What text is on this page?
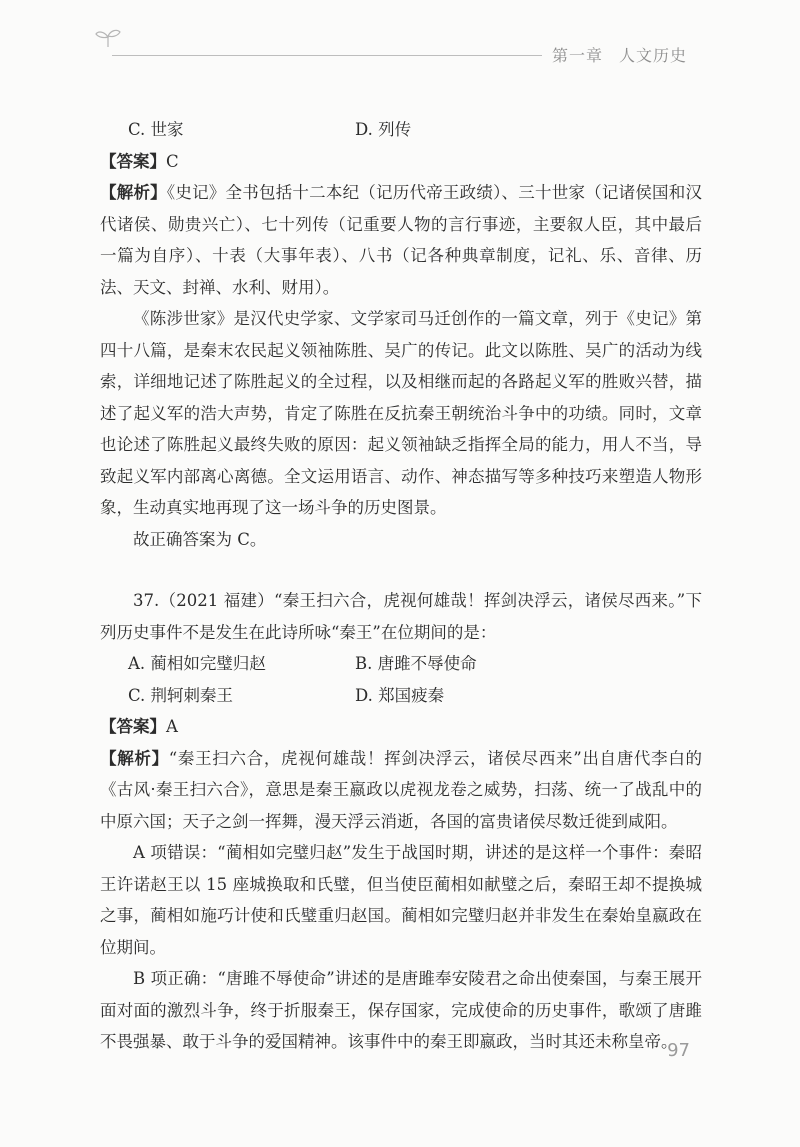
第一章 人文历史
C. 世家	D. 列传

【答案】C

【解析】《史记》全书包括十二本纪（记历代帝王政绩）、三十世家（记诸侯国和汉代诸侯、勋贵兴亡）、七十列传（记重要人物的言行事迹，主要叙人臣，其中最后一篇为自序）、十表（大事年表）、八书（记各种典章制度，记礼、乐、音律、历法、天文、封禅、水利、财用）。

《陈涉世家》是汉代史学家、文学家司马迁创作的一篇文章，列于《史记》第四十八篇，是秦末农民起义领袖陈胜、吴广的传记。此文以陈胜、吴广的活动为线索，详细地记述了陈胜起义的全过程，以及相继而起的各路起义军的胜败兴替，描述了起义军的浩大声势，肯定了陈胜在反抗秦王朝统治斗争中的功绩。同时，文章也论述了陈胜起义最终失败的原因：起义领袖缺乏指挥全局的能力，用人不当，导致起义军内部离心离德。全文运用语言、动作、神态描写等多种技巧来塑造人物形象，生动真实地再现了这一场斗争的历史图景。

故正确答案为 C。

37.（2021 福建）“秦王扫六合，虎视何雄哉！挥剑决浮云，诸侯尽西来。”下列历史事件不是发生在此诗所咏“秦王”在位期间的是：

A. 蔺相如完璧归赵	B. 唐雎不辱使命
C. 荆轲刺秦王	D. 郑国疲秦

【答案】A

【解析】“秦王扫六合，虎视何雄哉！挥剑决浮云，诸侯尽西来”出自唐代李白的《古风·秦王扫六合》，意思是秦王嬴政以虎视龙卷之威势，扫荡、统一了战乱中的中原六国；天子之剑一挥舞，漫天浮云消逝，各国的富贵诸侯尽数迁徙到咸阳。

A 项错误：“蔺相如完璧归赵”发生于战国时期，讲述的是这样一个事件：秦昭王许诺赵王以 15 座城换取和氏璧，但当使臣蔺相如献璧之后，秦昭王却不提换城之事，蔺相如施巧计使和氏璧重归赵国。蔺相如完璧归赵并非发生在秦始皇嬴政在位期间。

B 项正确：“唐雎不辱使命”讲述的是唐雎奉安陵君之命出使秦国，与秦王展开面对面的激烈斗争，终于折服秦王，保存国家，完成使命的历史事件，歌颂了唐雎不畏强暴、敢于斗争的爱国精神。该事件中的秦王即嬴政，当时其还未称皇帝。

97
